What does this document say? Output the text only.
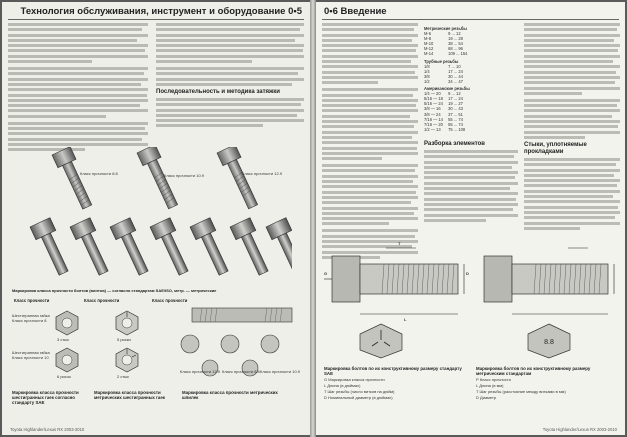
Технология обслуживания, инструмент и оборудование 0•5
Последовательность и методика затяжки
Класс прочности 8.8	Класс прочности 10.9	Класс прочности 12.9
Маркировка класса прочности болтов (винтов) — согласно стандартам SAE/ISO, метр. — метрические
Класс прочности	Класс прочности	Класс прочности
Шестигранная гайка Класс прочности 8
Шестигранная гайка Класс прочности 10
3 стык	5 риски
6 рисок	2 стык
Класс прочности 12.9 Класс прочности 8.8 Класс прочности 10.9
Маркировка класса прочности шестигранных гаек согласно стандарту SAE
Маркировка класса прочности метрических шестигранных гаек
Маркировка класса прочности метрических шпилек
Toyota Highlander/Lexus RX 2003-2010
0•6 Введение
Метрические резьбы	
M-6	9 ... 12
M-8	19 ... 28
M-10	38 ... 54
M-12	68 ... 96
M-14	109 ... 154
Трубные резьбы	
1/8	7 ... 10
1/4	17 ... 24
3/8	30 ... 44
1/2	34 ... 47
Американские резьбы	
1/4 — 20	9 ... 12
5/16 — 18	17 ... 24
5/16 — 24	19 ... 27
3/8 — 16	30 ... 43
3/8 — 24	37 ... 51
7/16 — 14	55 ... 74
7/16 — 20	55 ... 74
1/2 — 13	75 ... 108
Разборка элементов	Стыки, уплотняемые прокладками
G
T
D
L
8.8
Маркировка болтов по их конструктивному размеру стандарту SAE
G Маркировка класса прочности
L Длина (в дюймах)
T Шаг резьбы (число витков на дюйм)
D Номинальный диаметр (в дюймах)
Маркировка болтов по их конструктивному размеру метрическим стандартам
P Класс прочности
L Длина (в мм)
T Шаг резьбы (расстояние между витками в мм)
D Диаметр
Toyota Highlander/Lexus RX 2003-2010
